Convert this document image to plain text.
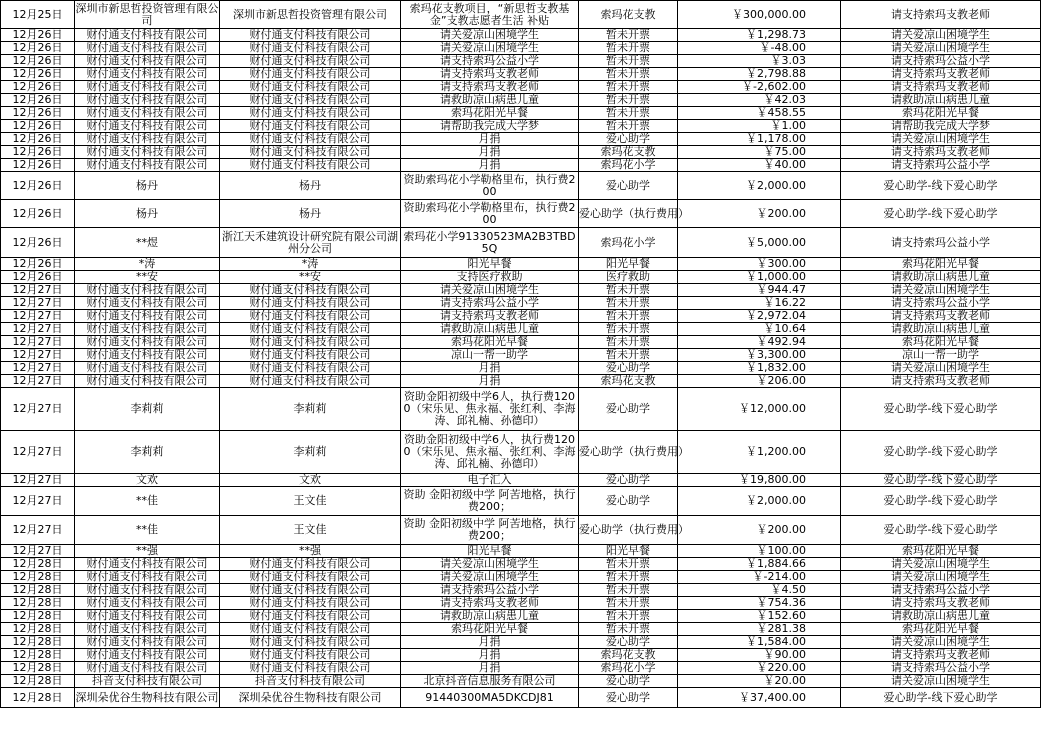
12月25日	深圳市新思哲投资管理有限公司	深圳市新思哲投资管理有限公司	索玛花支教项目，“新思哲支教基金”支教志愿者生活 补贴	索玛花支教	￥300,000.00	请支持索玛支教老师
12月26日	财付通支付科技有限公司	财付通支付科技有限公司	请关爱凉山困境学生	暂未开票	￥1,298.73	请关爱凉山困境学生
12月26日	财付通支付科技有限公司	财付通支付科技有限公司	请关爱凉山困境学生	暂未开票	￥-48.00	请关爱凉山困境学生
12月26日	财付通支付科技有限公司	财付通支付科技有限公司	请支持索玛公益小学	暂未开票	￥3.03	请支持索玛公益小学
12月26日	财付通支付科技有限公司	财付通支付科技有限公司	请支持索玛支教老师	暂未开票	￥2,798.88	请支持索玛支教老师
12月26日	财付通支付科技有限公司	财付通支付科技有限公司	请支持索玛支教老师	暂未开票	￥-2,602.00	请支持索玛支教老师
12月26日	财付通支付科技有限公司	财付通支付科技有限公司	请救助凉山病患儿童	暂未开票	￥42.03	请救助凉山病患儿童
12月26日	财付通支付科技有限公司	财付通支付科技有限公司	索玛花阳光早餐	暂未开票	￥458.55	索玛花阳光早餐
12月26日	财付通支付科技有限公司	财付通支付科技有限公司	请帮助我完成大学梦	暂未开票	￥1.00	请帮助我完成大学梦
12月26日	财付通支付科技有限公司	财付通支付科技有限公司	月捐	爱心助学	￥1,178.00	请关爱凉山困境学生
12月26日	财付通支付科技有限公司	财付通支付科技有限公司	月捐	索玛花支教	￥75.00	请支持索玛支教老师
12月26日	财付通支付科技有限公司	财付通支付科技有限公司	月捐	索玛花小学	￥40.00	请支持索玛公益小学
12月26日	杨丹	杨丹	资助索玛花小学勒格里布，执行费200	爱心助学	￥2,000.00	爱心助学-线下爱心助学
12月26日	杨丹	杨丹	资助索玛花小学勒格里布，执行费200	爱心助学（执行费用）	￥200.00	爱心助学-线下爱心助学
12月26日	**煜	浙江天禾建筑设计研究院有限公司湖州分公司	索玛花小学91330523MA2B3TBD5Q	索玛花小学	￥5,000.00	请支持索玛公益小学
12月26日	*涛	*涛	阳光早餐	阳光早餐	￥300.00	索玛花阳光早餐
12月26日	**安	**安	支持医疗救助	医疗救助	￥1,000.00	请救助凉山病患儿童
12月27日	财付通支付科技有限公司	财付通支付科技有限公司	请关爱凉山困境学生	暂未开票	￥944.47	请关爱凉山困境学生
12月27日	财付通支付科技有限公司	财付通支付科技有限公司	请支持索玛公益小学	暂未开票	￥16.22	请支持索玛公益小学
12月27日	财付通支付科技有限公司	财付通支付科技有限公司	请支持索玛支教老师	暂未开票	￥2,972.04	请支持索玛支教老师
12月27日	财付通支付科技有限公司	财付通支付科技有限公司	请救助凉山病患儿童	暂未开票	￥10.64	请救助凉山病患儿童
12月27日	财付通支付科技有限公司	财付通支付科技有限公司	索玛花阳光早餐	暂未开票	￥492.94	索玛花阳光早餐
12月27日	财付通支付科技有限公司	财付通支付科技有限公司	凉山一帮一助学	暂未开票	￥3,300.00	凉山一帮一助学
12月27日	财付通支付科技有限公司	财付通支付科技有限公司	月捐	爱心助学	￥1,832.00	请关爱凉山困境学生
12月27日	财付通支付科技有限公司	财付通支付科技有限公司	月捐	索玛花支教	￥206.00	请支持索玛支教老师
12月27日	李莉莉	李莉莉	资助金阳初级中学6人，执行费1200（宋乐见、焦永福、张红利、李海涛、邱礼楠、孙德印）	爱心助学	￥12,000.00	爱心助学-线下爱心助学
12月27日	李莉莉	李莉莉	资助金阳初级中学6人，执行费1200（宋乐见、焦永福、张红利、李海涛、邱礼楠、孙德印）	爱心助学（执行费用）	￥1,200.00	爱心助学-线下爱心助学
12月27日	文欢	文欢	电子汇入	爱心助学	￥19,800.00	爱心助学-线下爱心助学
12月27日	**佳	王文佳	资助 金阳初级中学 阿苦地格，执行费200；	爱心助学	￥2,000.00	爱心助学-线下爱心助学
12月27日	**佳	王文佳	资助 金阳初级中学 阿苦地格，执行费200；	爱心助学（执行费用）	￥200.00	爱心助学-线下爱心助学
12月27日	**强	**强	阳光早餐	阳光早餐	￥100.00	索玛花阳光早餐
12月28日	财付通支付科技有限公司	财付通支付科技有限公司	请关爱凉山困境学生	暂未开票	￥1,884.66	请关爱凉山困境学生
12月28日	财付通支付科技有限公司	财付通支付科技有限公司	请关爱凉山困境学生	暂未开票	￥-214.00	请关爱凉山困境学生
12月28日	财付通支付科技有限公司	财付通支付科技有限公司	请支持索玛公益小学	暂未开票	￥4.50	请支持索玛公益小学
12月28日	财付通支付科技有限公司	财付通支付科技有限公司	请支持索玛支教老师	暂未开票	￥754.36	请支持索玛支教老师
12月28日	财付通支付科技有限公司	财付通支付科技有限公司	请救助凉山病患儿童	暂未开票	￥152.60	请救助凉山病患儿童
12月28日	财付通支付科技有限公司	财付通支付科技有限公司	索玛花阳光早餐	暂未开票	￥281.38	索玛花阳光早餐
12月28日	财付通支付科技有限公司	财付通支付科技有限公司	月捐	爱心助学	￥1,584.00	请关爱凉山困境学生
12月28日	财付通支付科技有限公司	财付通支付科技有限公司	月捐	索玛花支教	￥90.00	请支持索玛支教老师
12月28日	财付通支付科技有限公司	财付通支付科技有限公司	月捐	索玛花小学	￥220.00	请支持索玛公益小学
12月28日	抖音支付科技有限公司	抖音支付科技有限公司	北京抖音信息服务有限公司	爱心助学	￥20.00	请关爱凉山困境学生
12月28日	深圳朵优谷生物科技有限公司	深圳朵优谷生物科技有限公司	91440300MA5DKCDJ81	爱心助学	￥37,400.00	爱心助学-线下爱心助学
